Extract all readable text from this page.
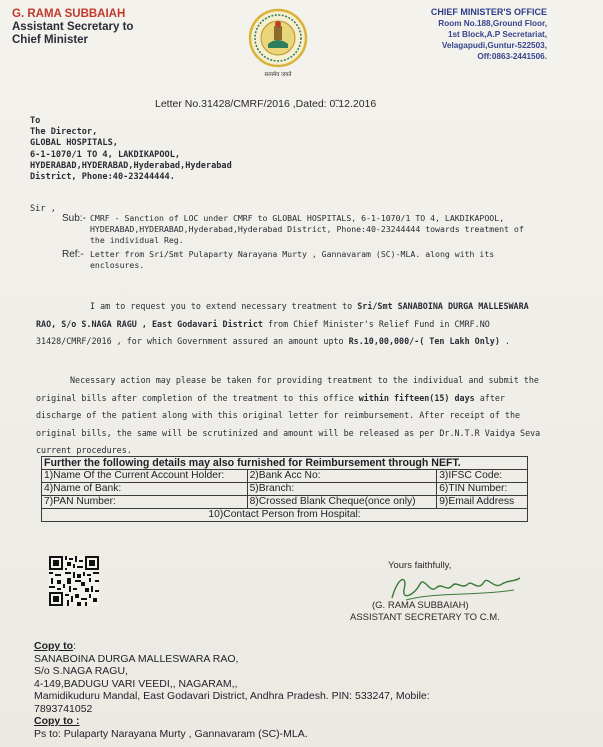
G. RAMA SUBBAIAH
Assistant Secretary to
Chief Minister
सत्यमेव जयते
CHIEF MINISTER'S OFFICE
Room No.188,Ground Floor,
1st Block,A.P Secretariat,
Velagapudi,Guntur-522503,
Off:0863-2441506.
Letter No.31428/CMRF/2016 ,Dated: 0̃.12.2016
To
The Director,
GLOBAL HOSPITALS,
6-1-1070/1 TO 4, LAKDIKAPOOL,
HYDERABAD,HYDERABAD,Hyderabad,Hyderabad
District, Phone:40-23244444.
Sir ,
Sub:- CMRF - Sanction of LOC under CMRF to GLOBAL HOSPITALS, 6-1-1070/1 TO 4, LAKDIKAPOOL, HYDERABAD,HYDERABAD,Hyderabad,Hyderabad District, Phone:40-23244444 towards treatment of the individual Reg.
Ref:- Letter from Sri/Smt Pulaparty Narayana Murty , Gannavaram (SC)-MLA. along with its enclosures.
I am to request you to extend necessary treatment to Sri/Smt SANABOINA DURGA MALLESWARA RAO, S/o S.NAGA RAGU , East Godavari District from Chief Minister's Relief Fund in CMRF.NO 31428/CMRF/2016 , for which Government assured an amount upto Rs.10,00,000/-( Ten Lakh Only) .
Necessary action may please be taken for providing treatment to the individual and submit the original bills after completion of the treatment to this office within fifteen(15) days after discharge of the patient along with this original letter for reimbursement. After receipt of the original bills, the same will be scrutinized and amount will be released as per Dr.N.T.R Vaidya Seva current procedures.
Further the following details may also furnished for Reimbursement through NEFT.		
1)Name Of the Current Account Holder:	2)Bank Acc No:	3)IFSC Code:
4)Name of Bank:	5)Branch:	6)TIN Number:
7)PAN Number:	8)Crossed Blank Cheque(once only)	9)Email Address
10)Contact Person from Hospital:		
Yours faithfully,
(G. RAMA SUBBAIAH)
ASSISTANT SECRETARY TO C.M.
Copy to:
SANABOINA DURGA MALLESWARA RAO,
S/o S.NAGA RAGU,
4-149,BADUGU VARI VEEDI,, NAGARAM,,
Mamidikuduru Mandal, East Godavari District, Andhra Pradesh. PIN: 533247, Mobile:
7893741052
Copy to :
Ps to: Pulaparty Narayana Murty , Gannavaram (SC)-MLA.
